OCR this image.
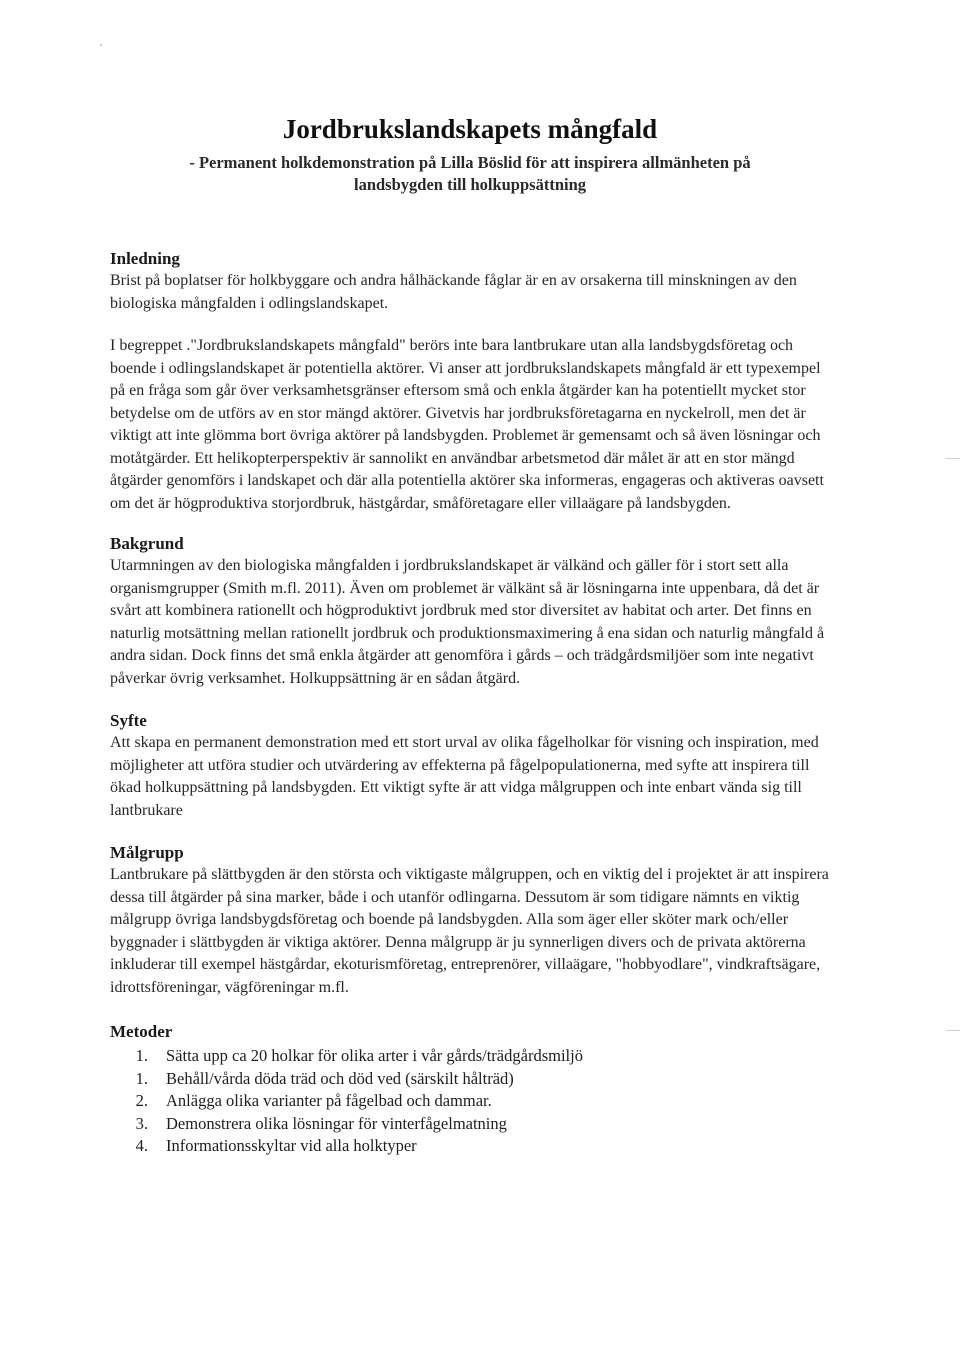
Jordbrukslandskapets mångfald
- Permanent holkdemonstration på Lilla Böslid för att inspirera allmänheten på
landsbygden till holkuppsättning
Inledning

Brist på boplatser för holkbyggare och andra hålhäckande fåglar är en av orsakerna till minskningen av den biologiska mångfalden i odlingslandskapet.

I begreppet ."Jordbrukslandskapets mångfald" berörs inte bara lantbrukare utan alla landsbygdsföretag och boende i odlingslandskapet är potentiella aktörer. Vi anser att jordbrukslandskapets mångfald är ett typexempel på en fråga som går över verksamhetsgränser eftersom små och enkla åtgärder kan ha potentiellt mycket stor betydelse om de utförs av en stor mängd aktörer. Givetvis har jordbruksföretagarna en nyckelroll, men det är viktigt att inte glömma bort övriga aktörer på landsbygden. Problemet är gemensamt och så även lösningar och motåtgärder. Ett helikopterperspektiv är sannolikt en användbar arbetsmetod där målet är att en stor mängd åtgärder genomförs i landskapet och där alla potentiella aktörer ska informeras, engageras och aktiveras oavsett om det är högproduktiva storjordbruk, hästgårdar, småföretagare eller villaägare på landsbygden.

Bakgrund

Utarmningen av den biologiska mångfalden i jordbrukslandskapet är välkänd och gäller för i stort sett alla organismgrupper (Smith m.fl. 2011). Även om problemet är välkänt så är lösningarna inte uppenbara, då det är svårt att kombinera rationellt och högproduktivt jordbruk med stor diversitet av habitat och arter. Det finns en naturlig motsättning mellan rationellt jordbruk och produktionsmaximering å ena sidan och naturlig mångfald å andra sidan. Dock finns det små enkla åtgärder att genomföra i gårds – och trädgårdsmiljöer som inte negativt påverkar övrig verksamhet. Holkuppsättning är en sådan åtgärd.

Syfte

Att skapa en permanent demonstration med ett stort urval av olika fågelholkar för visning och inspiration, med möjligheter att utföra studier och utvärdering av effekterna på fågelpopulationerna, med syfte att inspirera till ökad holkuppsättning på landsbygden. Ett viktigt syfte är att vidga målgruppen och inte enbart vända sig till lantbrukare

Målgrupp

Lantbrukare på slättbygden är den största och viktigaste målgruppen, och en viktig del i projektet är att inspirera dessa till åtgärder på sina marker, både i och utanför odlingarna. Dessutom är som tidigare nämnts en viktig målgrupp övriga landsbygdsföretag och boende på landsbygden. Alla som äger eller sköter mark och/eller byggnader i slättbygden är viktiga aktörer. Denna målgrupp är ju synnerligen divers och de privata aktörerna inkluderar till exempel hästgårdar, ekoturismföretag, entreprenörer, villaägare, "hobbyodlare", vindkraftsägare, idrottsföreningar, vägföreningar m.fl.

Metoder
1.	Sätta upp ca 20 holkar för olika arter i vår gårds/trädgårdsmiljö
1.	Behåll/vårda döda träd och död ved (särskilt hålträd)
2.	Anlägga olika varianter på fågelbad och dammar.
3.	Demonstrera olika lösningar för vinterfågelmatning
4.	Informationsskyltar vid alla holktyper
